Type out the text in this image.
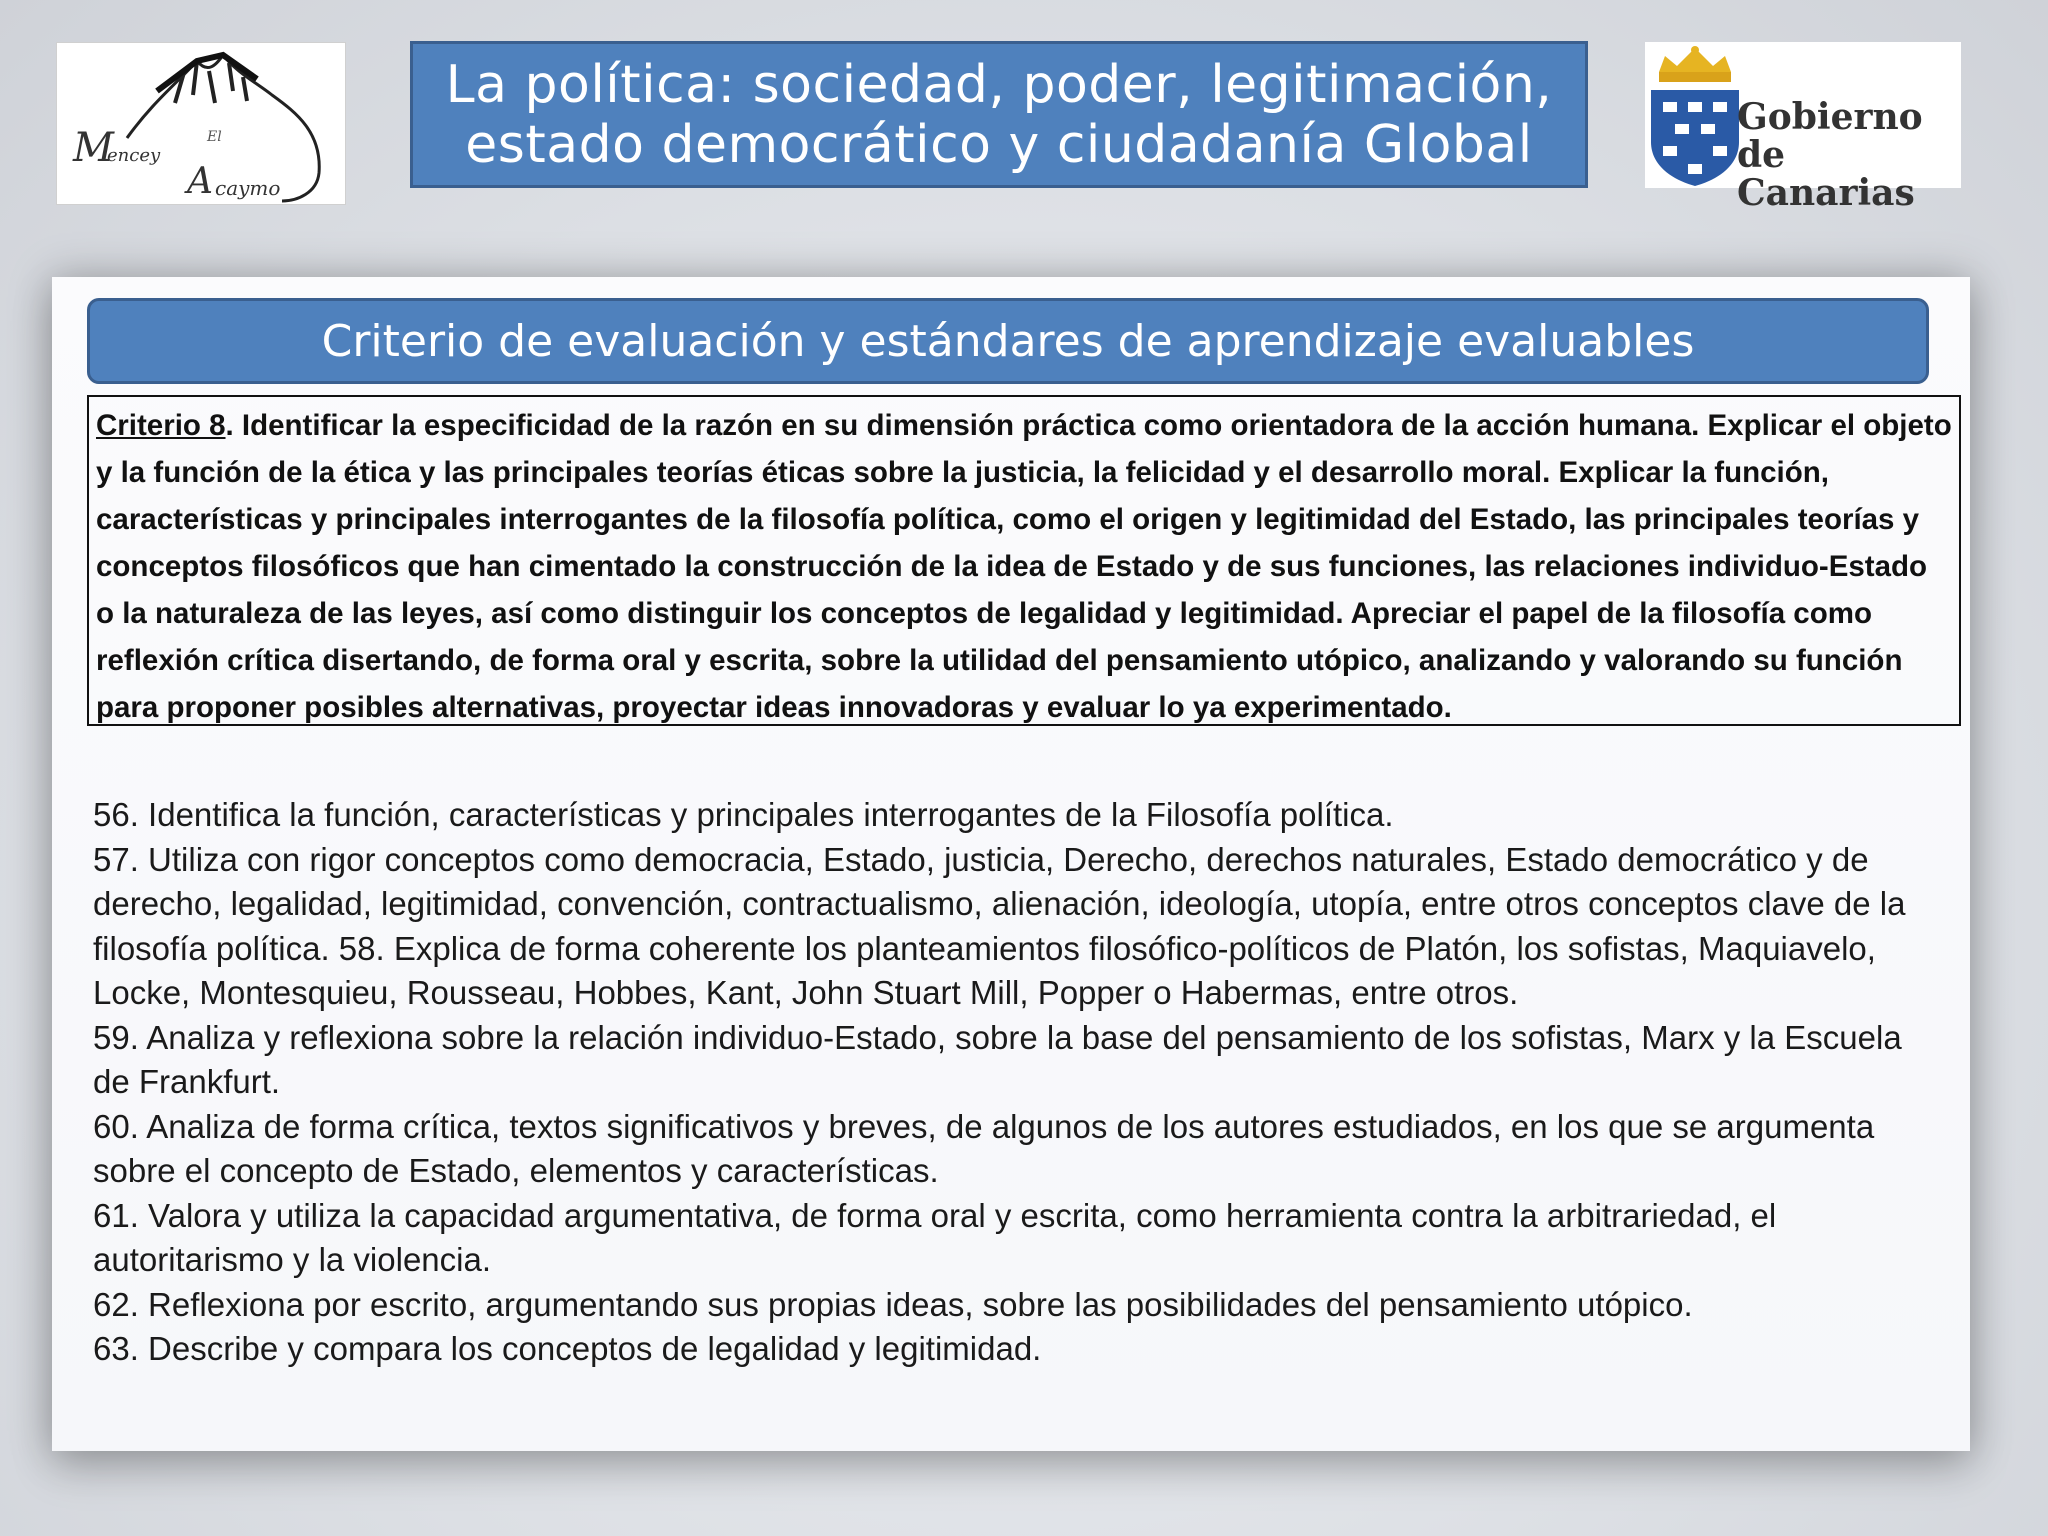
El
M
encey
A caymo
La política: sociedad, poder, legitimación,
estado democrático y ciudadanía Global	Gobierno
de Canarias
Criterio de evaluación y estándares de aprendizaje evaluables

Criterio 8. Identificar la especificidad de la razón en su dimensión práctica como orientadora de la acción humana. Explicar el objeto y la función de la ética y las principales teorías éticas sobre la justicia, la felicidad y el desarrollo moral. Explicar la función, características y principales interrogantes de la filosofía política, como el origen y legitimidad del Estado, las principales teorías y conceptos filosóficos que han cimentado la construcción de la idea de Estado y de sus funciones, las relaciones individuo-Estado o la naturaleza de las leyes, así como distinguir los conceptos de legalidad y legitimidad. Apreciar el papel de la filosofía como reflexión crítica disertando, de forma oral y escrita, sobre la utilidad del pensamiento utópico, analizando y valorando su función para proponer posibles alternativas, proyectar ideas innovadoras y evaluar lo ya experimentado.

56. Identifica la función, características y principales interrogantes de la Filosofía política.

57. Utiliza con rigor conceptos como democracia, Estado, justicia, Derecho, derechos naturales, Estado democrático y de derecho, legalidad, legitimidad, convención, contractualismo, alienación, ideología, utopía, entre otros conceptos clave de la filosofía política. 58. Explica de forma coherente los planteamientos filosófico-políticos de Platón, los sofistas, Maquiavelo, Locke, Montesquieu, Rousseau, Hobbes, Kant, John Stuart Mill, Popper o Habermas, entre otros.

59. Analiza y reflexiona sobre la relación individuo-Estado, sobre la base del pensamiento de los sofistas, Marx y la Escuela de Frankfurt.

60. Analiza de forma crítica, textos significativos y breves, de algunos de los autores estudiados, en los que se argumenta sobre el concepto de Estado, elementos y características.

61. Valora y utiliza la capacidad argumentativa, de forma oral y escrita, como herramienta contra la arbitrariedad, el autoritarismo y la violencia.

62. Reflexiona por escrito, argumentando sus propias ideas, sobre las posibilidades del pensamiento utópico.

63. Describe y compara los conceptos de legalidad y legitimidad.
